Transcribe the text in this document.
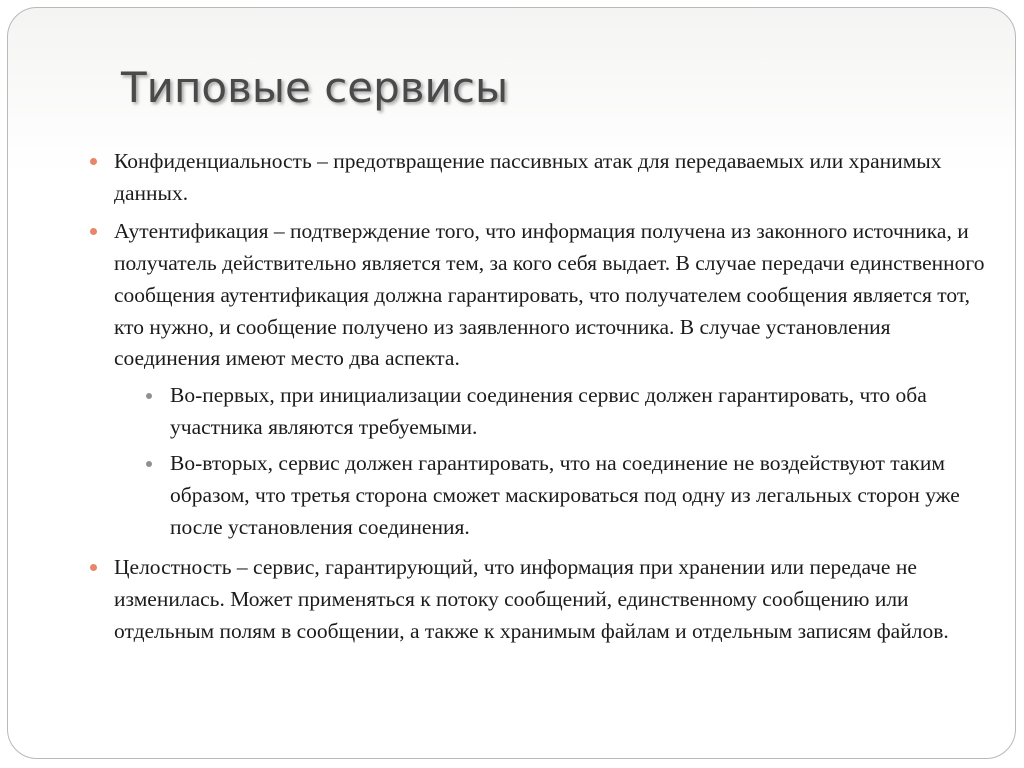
Типовые сервисы
Конфиденциальность – предотвращение пассивных атак для передаваемых или хранимых данных.
Аутентификация – подтверждение того, что информация получена из законного источника, и получатель действительно является тем, за кого себя выдает. В случае передачи единственного сообщения аутентификация должна гарантировать, что получателем сообщения является тот, кто нужно, и сообщение получено из заявленного источника. В случае установления соединения имеют место два аспекта.
Во-первых, при инициализации соединения сервис должен гарантировать, что оба участника являются требуемыми.
Во-вторых, сервис должен гарантировать, что на соединение не воздействуют таким образом, что третья сторона сможет маскироваться под одну из легальных сторон уже после установления соединения.
Целостность – сервис, гарантирующий, что информация при хранении или передаче не изменилась. Может применяться к потоку сообщений, единственному сообщению или отдельным полям в сообщении, а также к хранимым файлам и отдельным записям файлов.
